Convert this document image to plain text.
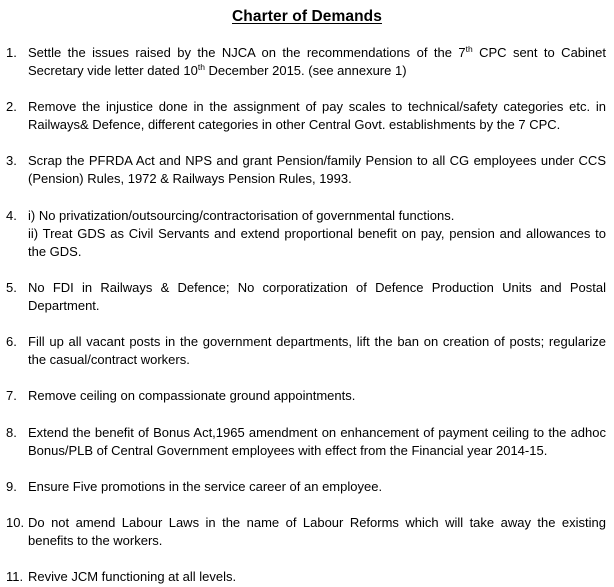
Charter of Demands
1. Settle the issues raised by the NJCA on the recommendations of the 7th CPC sent to Cabinet Secretary vide letter dated 10th December 2015. (see annexure 1)
2. Remove the injustice done in the assignment of pay scales to technical/safety categories etc. in Railways& Defence, different categories in other Central Govt. establishments by the 7 CPC.
3. Scrap the PFRDA Act and NPS and grant Pension/family Pension to all CG employees under CCS (Pension) Rules, 1972 & Railways Pension Rules, 1993.
4. i) No privatization/outsourcing/contractorisation of governmental functions.
ii) Treat GDS as Civil Servants and extend proportional benefit on pay, pension and allowances to the GDS.
5. No FDI in Railways & Defence; No corporatization of Defence Production Units and Postal Department.
6. Fill up all vacant posts in the government departments, lift the ban on creation of posts; regularize the casual/contract workers.
7. Remove ceiling on compassionate ground appointments.
8. Extend the benefit of Bonus Act,1965 amendment on enhancement of payment ceiling to the adhoc Bonus/PLB of Central Government employees with effect from the Financial year 2014-15.
9. Ensure Five promotions in the service career of an employee.
10. Do not amend Labour Laws in the name of Labour Reforms which will take away the existing benefits to the workers.
11. Revive JCM functioning at all levels.
